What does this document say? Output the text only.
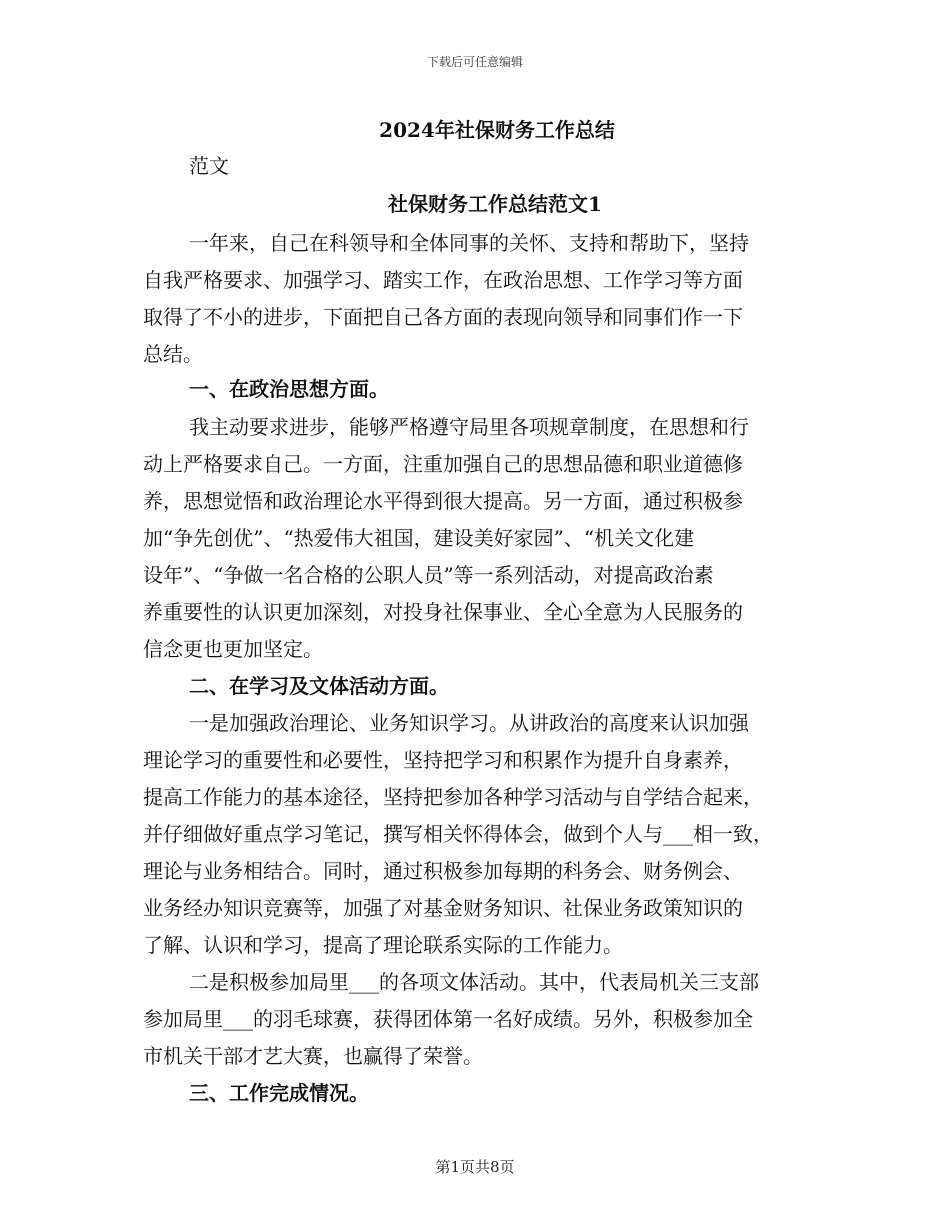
下载后可任意编辑
2024年社保财务工作总结
范文
社保财务工作总结范文1
一年来，自己在科领导和全体同事的关怀、支持和帮助下，坚持
自我严格要求、加强学习、踏实工作，在政治思想、工作学习等方面
取得了不小的进步，下面把自己各方面的表现向领导和同事们作一下
总结。
一、在政治思想方面。
我主动要求进步，能够严格遵守局里各项规章制度，在思想和行
动上严格要求自己。一方面，注重加强自己的思想品德和职业道德修
养，思想觉悟和政治理论水平得到很大提高。另一方面，通过积极参
加“争先创优”、“热爱伟大祖国，建设美好家园”、“机关文化建
设年”、“争做一名合格的公职人员”等一系列活动，对提高政治素
养重要性的认识更加深刻，对投身社保事业、全心全意为人民服务的
信念更也更加坚定。
二、在学习及文体活动方面。
一是加强政治理论、业务知识学习。从讲政治的高度来认识加强
理论学习的重要性和必要性，坚持把学习和积累作为提升自身素养，
提高工作能力的基本途径，坚持把参加各种学习活动与自学结合起来，
并仔细做好重点学习笔记，撰写相关怀得体会，做到个人与___相一致，
理论与业务相结合。同时，通过积极参加每期的科务会、财务例会、
业务经办知识竞赛等，加强了对基金财务知识、社保业务政策知识的
了解、认识和学习，提高了理论联系实际的工作能力。
二是积极参加局里___的各项文体活动。其中，代表局机关三支部
参加局里___的羽毛球赛，获得团体第一名好成绩。另外，积极参加全
市机关干部才艺大赛，也赢得了荣誉。
三、工作完成情况。
第1页共8页
